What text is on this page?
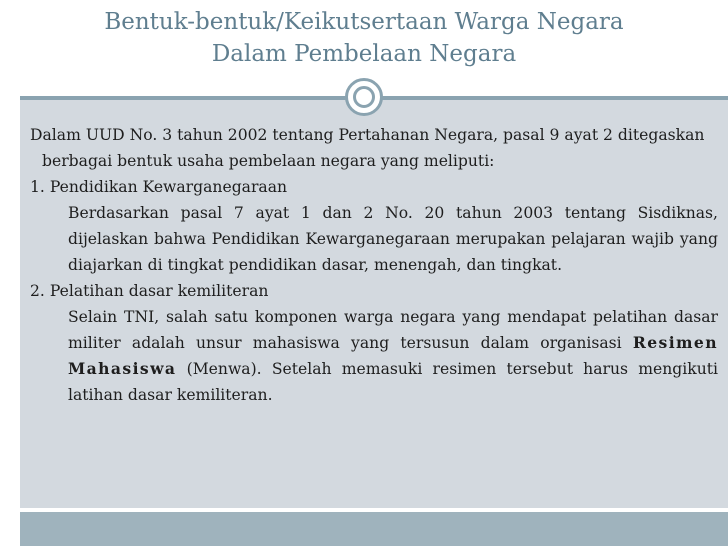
Bentuk-bentuk/Keikutsertaan Warga Negara
Dalam Pembelaan Negara

Dalam UUD No. 3 tahun 2002 tentang Pertahanan Negara, pasal 9 ayat 2 ditegaskan berbagai bentuk usaha pembelaan negara yang meliputi:

1. Pendidikan Kewarganegaraan

Berdasarkan pasal 7 ayat 1 dan 2 No. 20 tahun 2003 tentang Sisdiknas, dijelaskan bahwa Pendidikan Kewarganegaraan merupakan pelajaran wajib yang diajarkan di tingkat pendidikan dasar, menengah, dan tingkat.

2. Pelatihan dasar kemiliteran

Selain TNI, salah satu komponen warga negara yang mendapat pelatihan dasar militer adalah unsur mahasiswa yang tersusun dalam organisasi Resimen Mahasiswa (Menwa). Setelah memasuki resimen tersebut harus mengikuti latihan dasar kemiliteran.
